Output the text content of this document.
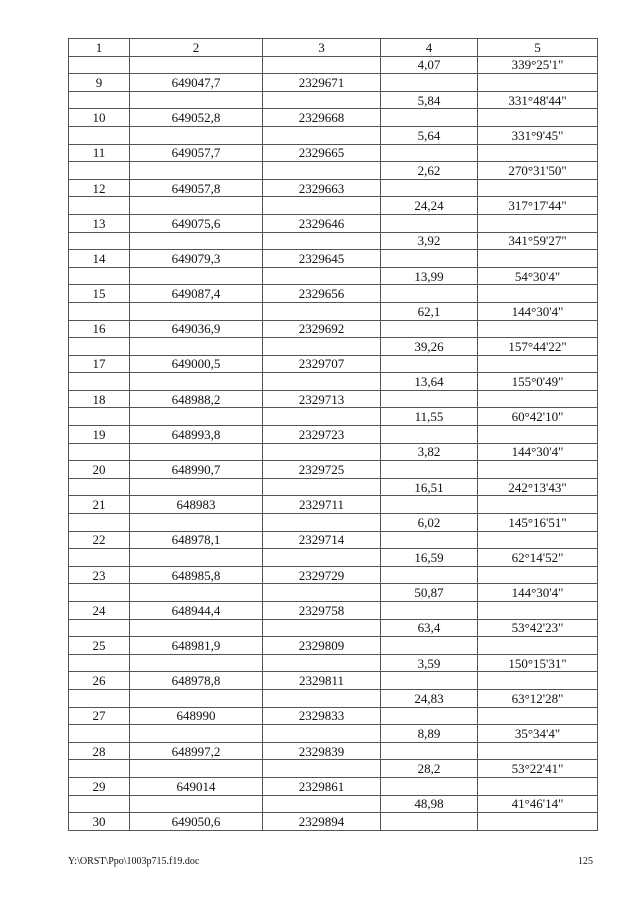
1	2	3	4	5
			4,07	339°25'1"
9	649047,7	2329671		
			5,84	331°48'44"
10	649052,8	2329668		
			5,64	331°9'45"
11	649057,7	2329665		
			2,62	270°31'50"
12	649057,8	2329663		
			24,24	317°17'44"
13	649075,6	2329646		
			3,92	341°59'27"
14	649079,3	2329645		
			13,99	54°30'4"
15	649087,4	2329656		
			62,1	144°30'4"
16	649036,9	2329692		
			39,26	157°44'22"
17	649000,5	2329707		
			13,64	155°0'49"
18	648988,2	2329713		
			11,55	60°42'10"
19	648993,8	2329723		
			3,82	144°30'4"
20	648990,7	2329725		
			16,51	242°13'43"
21	648983	2329711		
			6,02	145°16'51"
22	648978,1	2329714		
			16,59	62°14'52"
23	648985,8	2329729		
			50,87	144°30'4"
24	648944,4	2329758		
			63,4	53°42'23"
25	648981,9	2329809		
			3,59	150°15'31"
26	648978,8	2329811		
			24,83	63°12'28"
27	648990	2329833		
			8,89	35°34'4"
28	648997,2	2329839		
			28,2	53°22'41"
29	649014	2329861		
			48,98	41°46'14"
30	649050,6	2329894		
Y:\ORST\Ppo\1003p715.f19.doc	125
